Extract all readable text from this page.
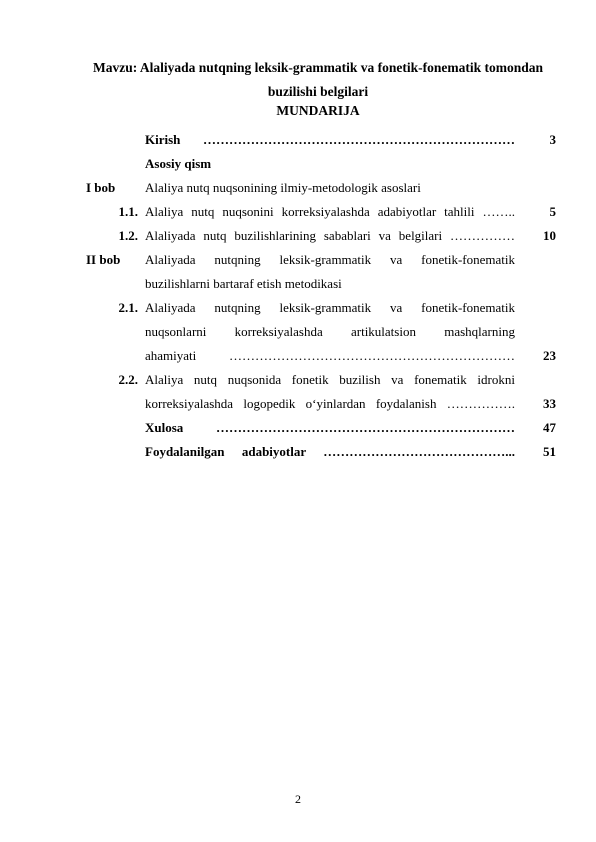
Mavzu: Alaliyada nutqning leksik-grammatik va fonetik-fonematik tomondan buzilishi belgilari
MUNDARIJA
Kirish ………………………………………………………………	3
Asosiy qism
I bob Alaliya nutq nuqsonining ilmiy-metodologik asoslari
1.1. Alaliya nutq nuqsonini korreksiyalashda adabiyotlar tahlili ……..	5
1.2. Alaliyada nutq buzilishlarining sabablari va belgilari ……………	10
II bob Alaliyada nutqning leksik-grammatik va fonetik-fonematik
buzilishlarni bartaraf etish metodikasi
2.1. Alaliyada nutqning leksik-grammatik va fonetik-fonematik
nuqsonlarni korreksiyalashda artikulatsion mashqlarning
ahamiyati …………………………………………………………	23
2.2. Alaliya nutq nuqsonida fonetik buzilish va fonematik idrokni
korreksiyalashda logopedik o‘yinlardan foydalanish …………….	33
Xulosa ……………………………………………………………	47
Foydalanilgan adabiyotlar ……………………………………...	51
2
